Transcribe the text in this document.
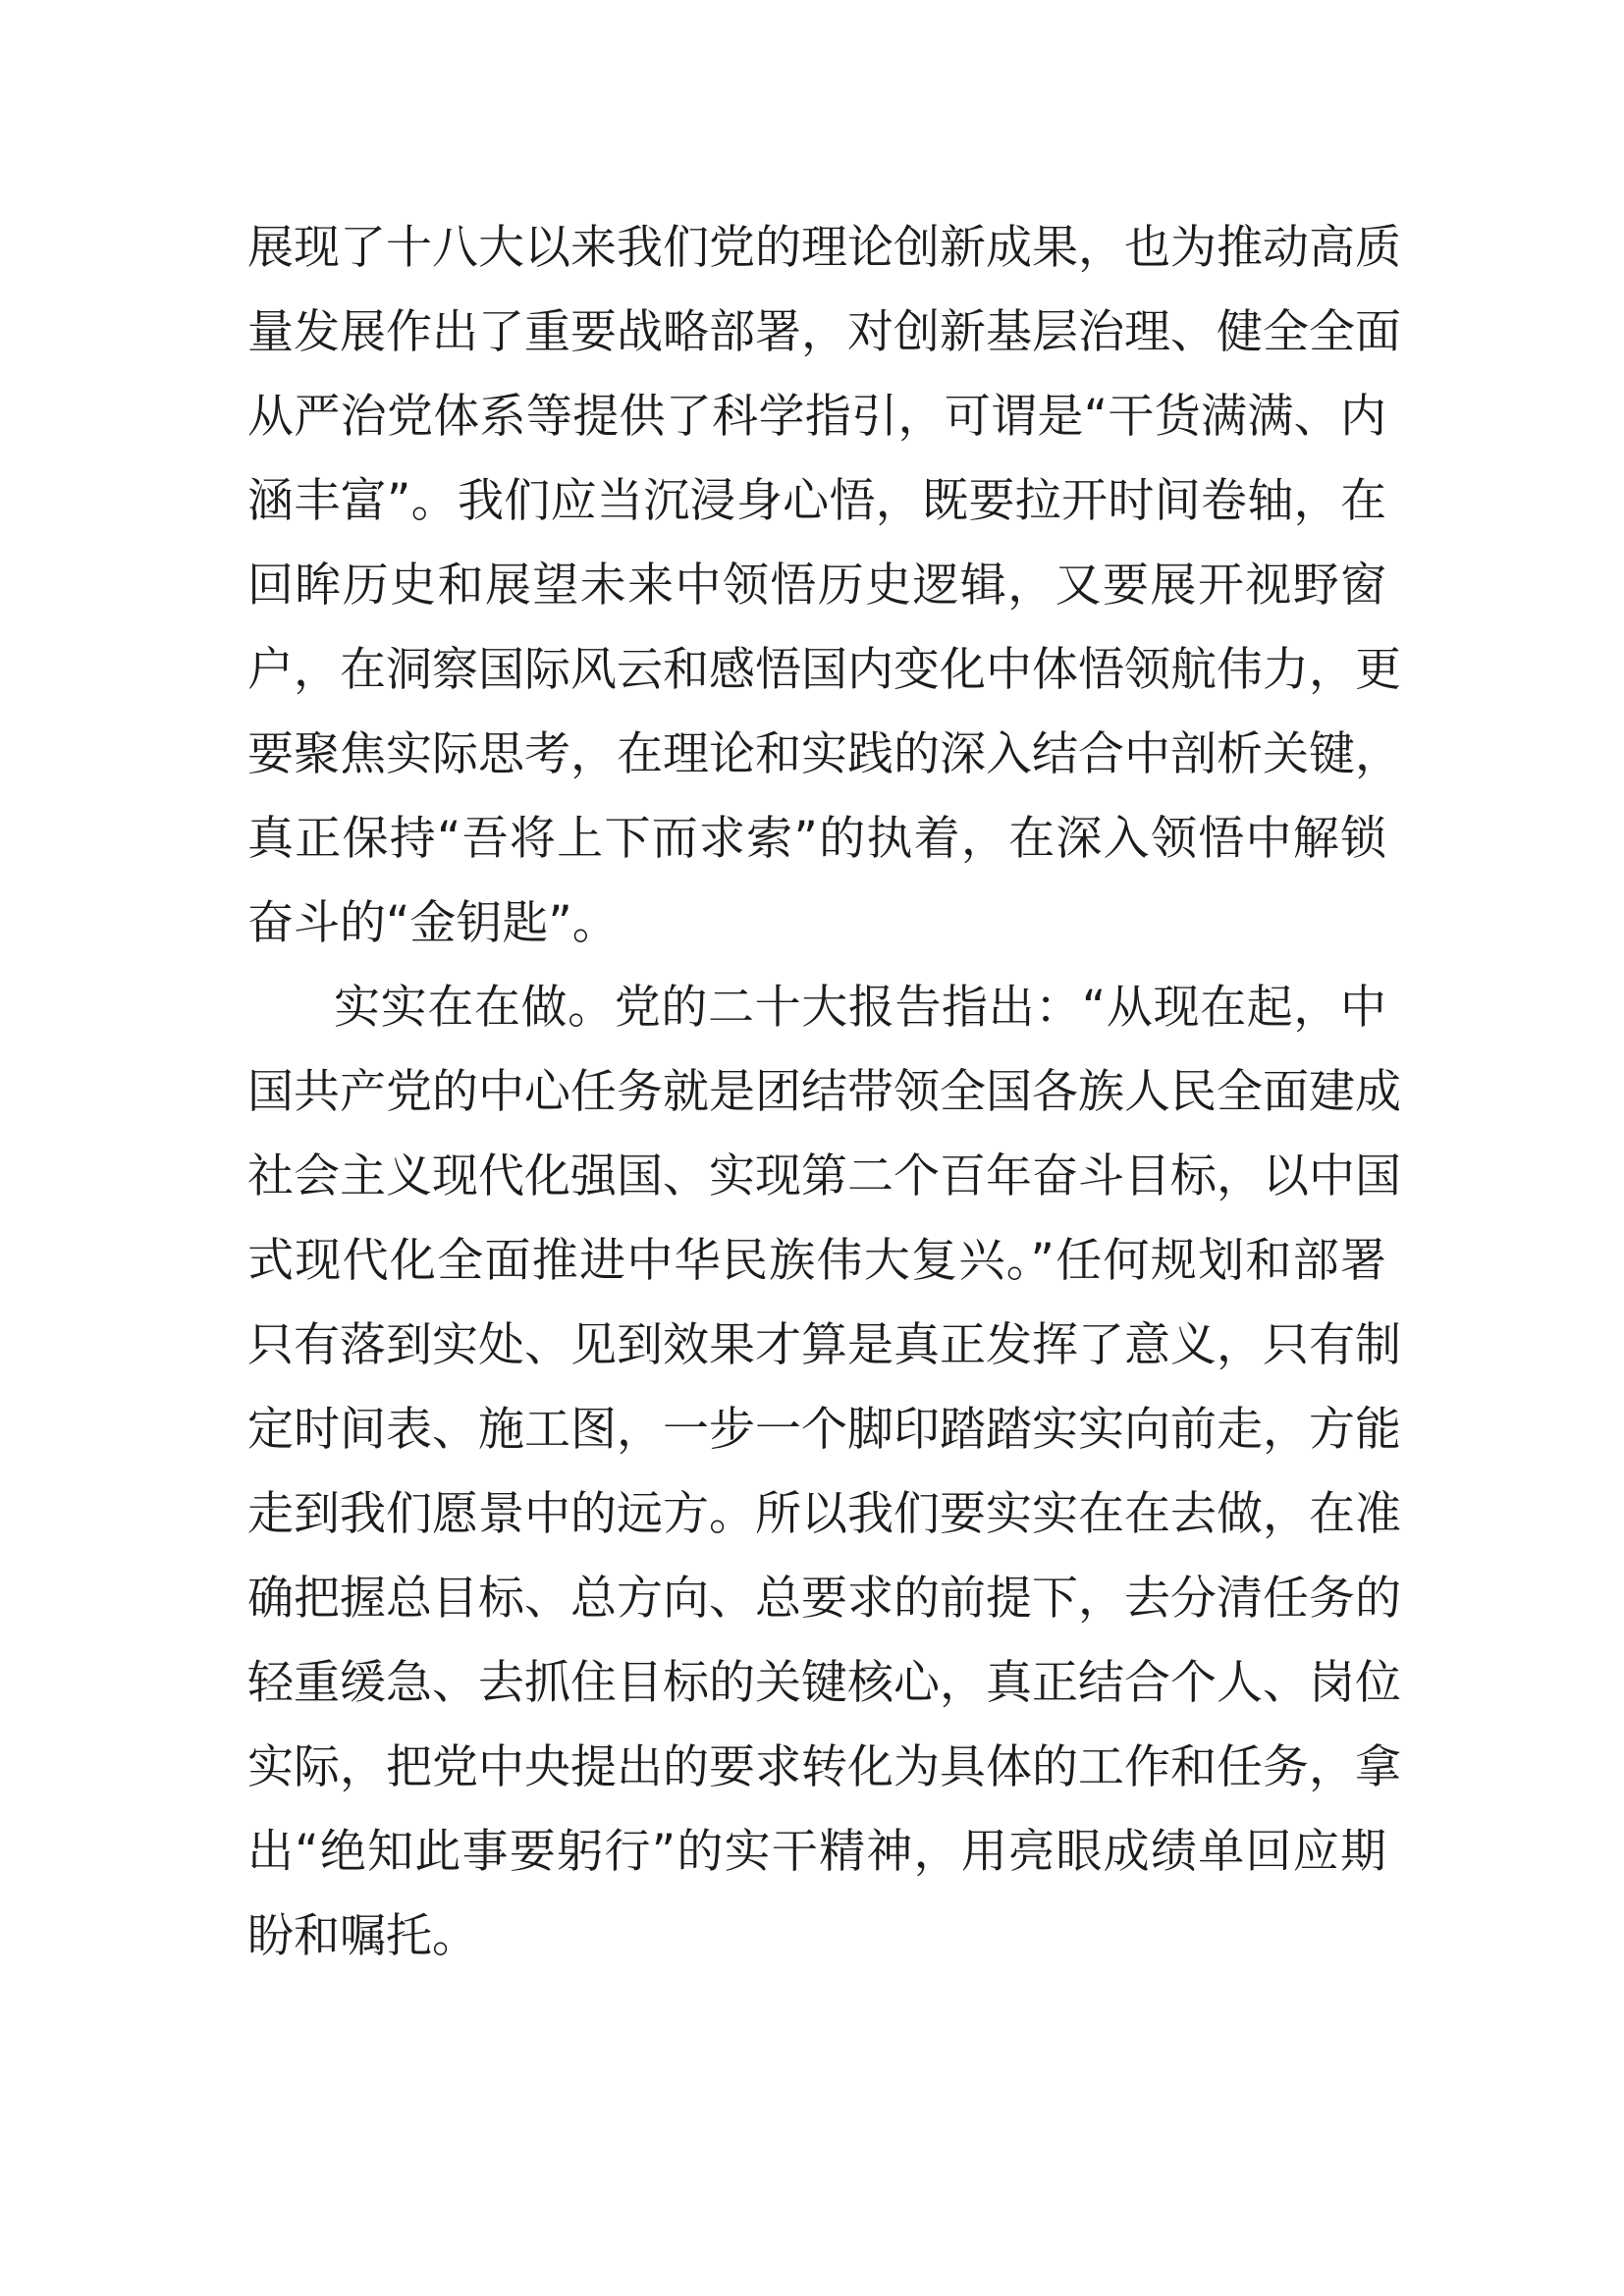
展现了十八大以来我们党的理论创新成果，也为推动高质
量发展作出了重要战略部署，对创新基层治理、健全全面
从严治党体系等提供了科学指引，可谓是“干货满满、内
涵丰富”。我们应当沉浸身心悟，既要拉开时间卷轴，在
回眸历史和展望未来中领悟历史逻辑，又要展开视野窗
户，在洞察国际风云和感悟国内变化中体悟领航伟力，更
要聚焦实际思考，在理论和实践的深入结合中剖析关键，
真正保持“吾将上下而求索”的执着，在深入领悟中解锁
奋斗的“金钥匙”。
实实在在做。党的二十大报告指出：“从现在起，中
国共产党的中心任务就是团结带领全国各族人民全面建成
社会主义现代化强国、实现第二个百年奋斗目标，以中国
式现代化全面推进中华民族伟大复兴。”任何规划和部署
只有落到实处、见到效果才算是真正发挥了意义，只有制
定时间表、施工图，一步一个脚印踏踏实实向前走，方能
走到我们愿景中的远方。所以我们要实实在在去做，在准
确把握总目标、总方向、总要求的前提下，去分清任务的
轻重缓急、去抓住目标的关键核心，真正结合个人、岗位
实际，把党中央提出的要求转化为具体的工作和任务，拿
出“绝知此事要躬行”的实干精神，用亮眼成绩单回应期
盼和嘱托。
